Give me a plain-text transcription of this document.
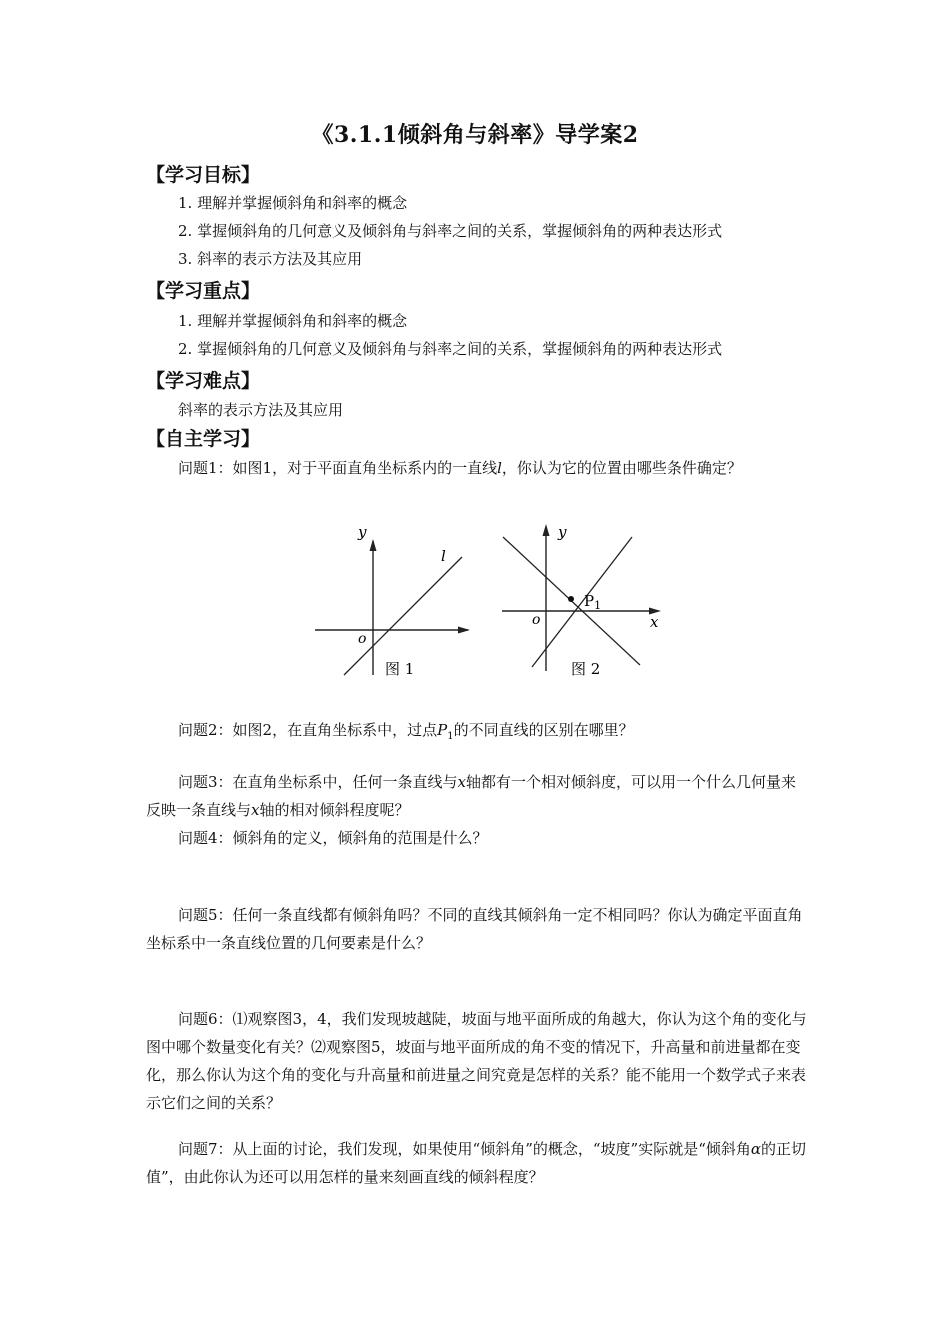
《3.1.1倾斜角与斜率》导学案2
【学习目标】
1. 理解并掌握倾斜角和斜率的概念
2. 掌握倾斜角的几何意义及倾斜角与斜率之间的关系，掌握倾斜角的两种表达形式
3. 斜率的表示方法及其应用
【学习重点】
1. 理解并掌握倾斜角和斜率的概念
2. 掌握倾斜角的几何意义及倾斜角与斜率之间的关系，掌握倾斜角的两种表达形式
【学习难点】
斜率的表示方法及其应用
【自主学习】
问题1：如图1，对于平面直角坐标系内的一直线l，你认为它的位置由哪些条件确定？
y
l
o
图 1
y
x
o
$P_1$
图 2
问题2：如图2，在直角坐标系中，过点$P_1$的不同直线的区别在哪里？
问题3：在直角坐标系中，任何一条直线与x轴都有一个相对倾斜度，可以用一个什么几何量来反映一条直线与x轴的相对倾斜程度呢？
问题4：倾斜角的定义，倾斜角的范围是什么？
问题5：任何一条直线都有倾斜角吗？不同的直线其倾斜角一定不相同吗？你认为确定平面直角坐标系中一条直线位置的几何要素是什么？
问题6：⑴观察图3，4，我们发现坡越陡，坡面与地平面所成的角越大，你认为这个角的变化与图中哪个数量变化有关？⑵观察图5，坡面与地平面所成的角不变的情况下，升高量和前进量都在变化，那么你认为这个角的变化与升高量和前进量之间究竟是怎样的关系？能不能用一个数学式子来表示它们之间的关系？
问题7：从上面的讨论，我们发现，如果使用“倾斜角”的概念，“坡度”实际就是“倾斜角α的正切值”，由此你认为还可以用怎样的量来刻画直线的倾斜程度？
